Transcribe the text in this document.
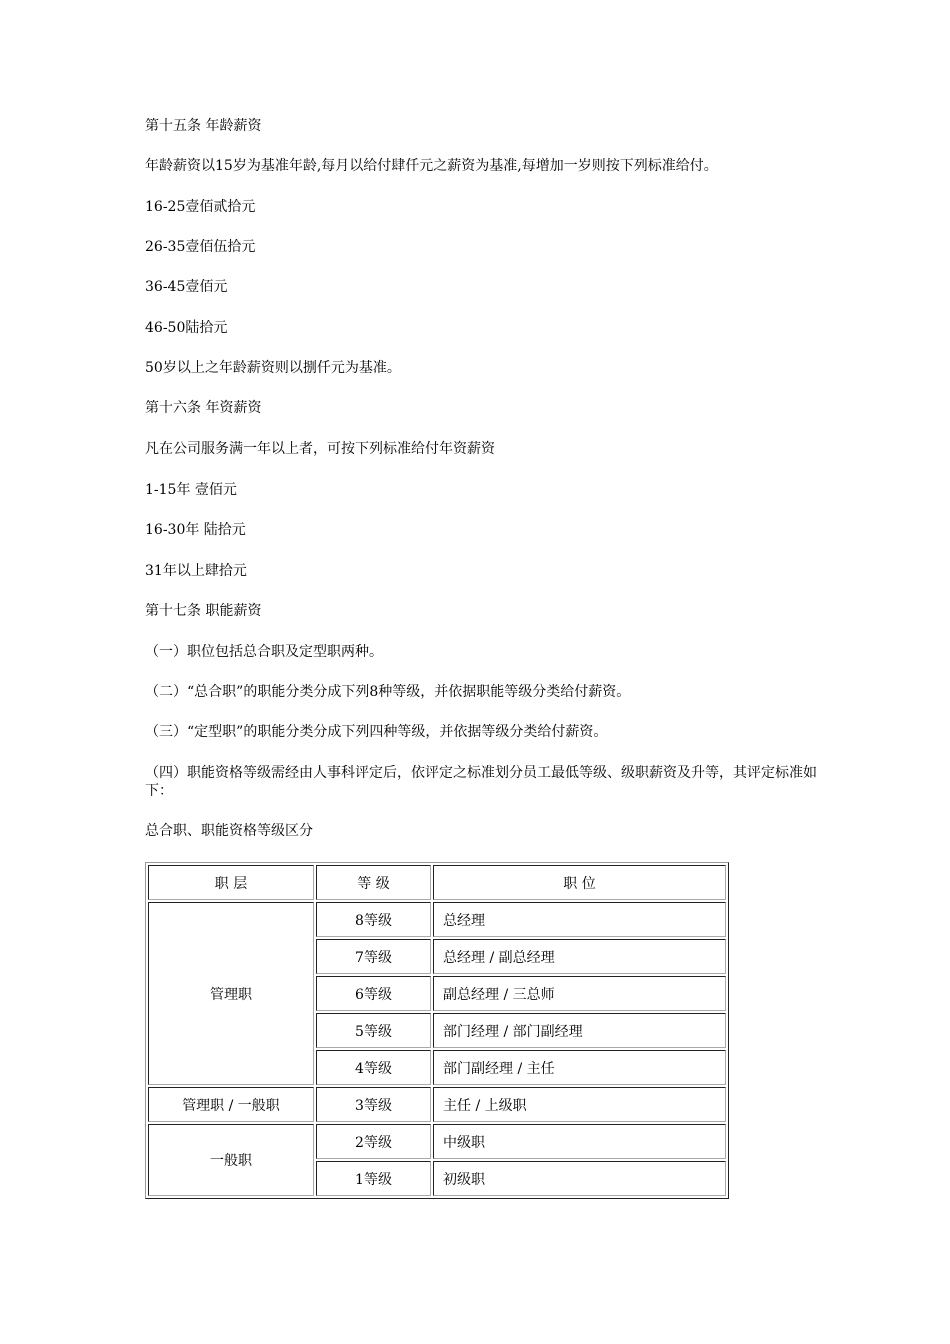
第十五条 年龄薪资

年龄薪资以15岁为基准年龄,每月以给付肆仟元之薪资为基准,每增加一岁则按下列标准给付。

16-25壹佰贰拾元

26-35壹佰伍拾元

36-45壹佰元

46-50陆拾元

50岁以上之年龄薪资则以捌仟元为基准。

第十六条 年资薪资

凡在公司服务满一年以上者，可按下列标准给付年资薪资

1-15年 壹佰元

16-30年 陆拾元

31年以上肆拾元

第十七条 职能薪资

（一）职位包括总合职及定型职两种。

（二）“总合职”的职能分类分成下列8种等级，并依据职能等级分类给付薪资。

（三）“定型职”的职能分类分成下列四种等级，并依据等级分类给付薪资。

（四）职能资格等级需经由人事科评定后，依评定之标准划分员工最低等级、级职薪资及升等，其评定标准如下：

总合职、职能资格等级区分

职 层	等 级	职 位
管理职	8等级	总经理
	7等级	总经理 / 副总经理
	6等级	副总经理 / 三总师
	5等级	部门经理 / 部门副经理
	4等级	部门副经理 / 主任
管理职 / 一般职	3等级	主任 / 上级职
一般职	2等级	中级职
	1等级	初级职
